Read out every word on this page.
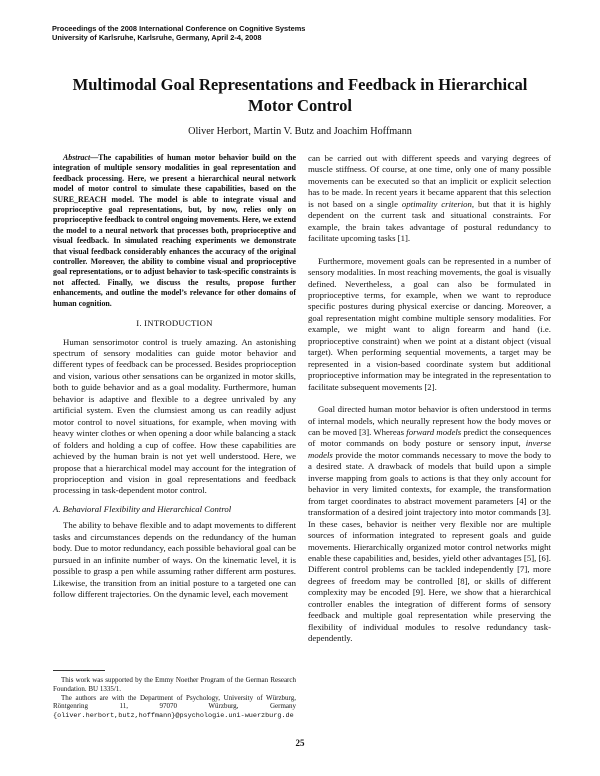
Proceedings of the 2008 International Conference on Cognitive Systems
University of Karlsruhe, Karlsruhe, Germany, April 2-4, 2008
Multimodal Goal Representations and Feedback in Hierarchical Motor Control
Oliver Herbort, Martin V. Butz and Joachim Hoffmann

Abstract—The capabilities of human motor behavior build on the integration of multiple sensory modalities in goal representation and feedback processing. Here, we present a hierarchical neural network model of motor control to simulate these capabilities, based on the SURE_REACH model. The model is able to integrate visual and proprioceptive goal representations, but, by now, relies only on proprioceptive feedback to control ongoing movements. Here, we extend the model to a neural network that processes both, proprioceptive and visual feedback. In simulated reaching experiments we demonstrate that visual feedback considerably enhances the accuracy of the original controller. Moreover, the ability to combine visual and proprioceptive goal representations, or to adjust behavior to task-specific constraints is not affected. Finally, we discuss the results, propose further enhancements, and outline the model’s relevance for other domains of human cognition.

I. INTRODUCTION

Human sensorimotor control is truely amazing. An astonishing spectrum of sensory modalities can guide motor behavior and different types of feedback can be processed. Besides proprioception and vision, various other sensations can be organized in motor skills, both to guide behavior and as a goal modality. Furthermore, human behavior is adaptive and flexible to a degree unrivaled by any artificial system. Even the clumsiest among us can readily adjust motor control to novel situations, for example, when moving with heavy winter clothes or when opening a door while balancing a stack of folders and holding a cup of coffee. How these capabilities are achieved by the human brain is not yet well understood. Here, we propose that a hierarchical model may account for the integration of proprioception and vision in goal representations and feedback processing in task-dependent motor control.

A. Behavioral Flexibility and Hierarchical Control

The ability to behave flexible and to adapt movements to different tasks and circumstances depends on the redundancy of the human body. Due to motor redundancy, each possible behavioral goal can be pursued in an infinite number of ways. On the kinematic level, it is possible to grasp a pen while assuming rather different arm postures. Likewise, the transition from an initial posture to a targeted one can follow different trajectories. On the dynamic level, each movement

can be carried out with different speeds and varying degrees of muscle stiffness. Of course, at one time, only one of many possible movements can be executed so that an implicit or explicit selection has to be made. In recent years it became apparent that this selection is not based on a single optimality criterion, but that it is highly dependent on the current task and situational constraints. For example, the brain takes advantage of postural redundancy to facilitate upcoming tasks [1].

Furthermore, movement goals can be represented in a number of sensory modalities. In most reaching movements, the goal is visually defined. Nevertheless, a goal can also be formulated in proprioceptive terms, for example, when we want to reproduce specific postures during physical exercise or dancing. Moreover, a goal representation might combine multiple sensory modalities. For example, we might want to align forearm and hand (i.e. proprioceptive constraint) when we point at a distant object (visual target). When performing sequential movements, a target may be represented in a vision-based coordinate system but additional proprioceptive information may be integrated in the representation to facilitate subsequent movements [2].

Goal directed human motor behavior is often understood in terms of internal models, which neurally represent how the body moves or can be moved [3]. Whereas forward models predict the consequences of motor commands on body posture or sensory input, inverse models provide the motor commands necessary to move the body to a desired state. A drawback of models that build upon a simple inverse mapping from goals to actions is that they only account for behavior in very limited contexts, for example, the transformation from target coordinates to abstract movement parameters [4] or the transformation of a desired joint trajectory into motor commands [3]. In these cases, behavior is neither very flexible nor are multiple sources of information integrated to represent goals and guide movements. Hierarchically organized motor control networks might enable these capabilities and, besides, yield other advantages [5], [6]. Different control problems can be tackled independently [7], more degrees of freedom may be controlled [8], or skills of different complexity may be encoded [9]. Here, we show that a hierarchical controller enables the integration of different forms of sensory feedback and multiple goal representation while preserving the flexibility of individual modules to resolve redundancy task-dependently.

This work was supported by the Emmy Noether Program of the German Research Foundation. BU 1335/1.

The authors are with the Department of Psychology, University of Würzburg, Röntgenring 11, 97070 Würzburg, Germany {oliver.herbort,butz,hoffmann}@psychologie.uni-wuerzburg.de

25
